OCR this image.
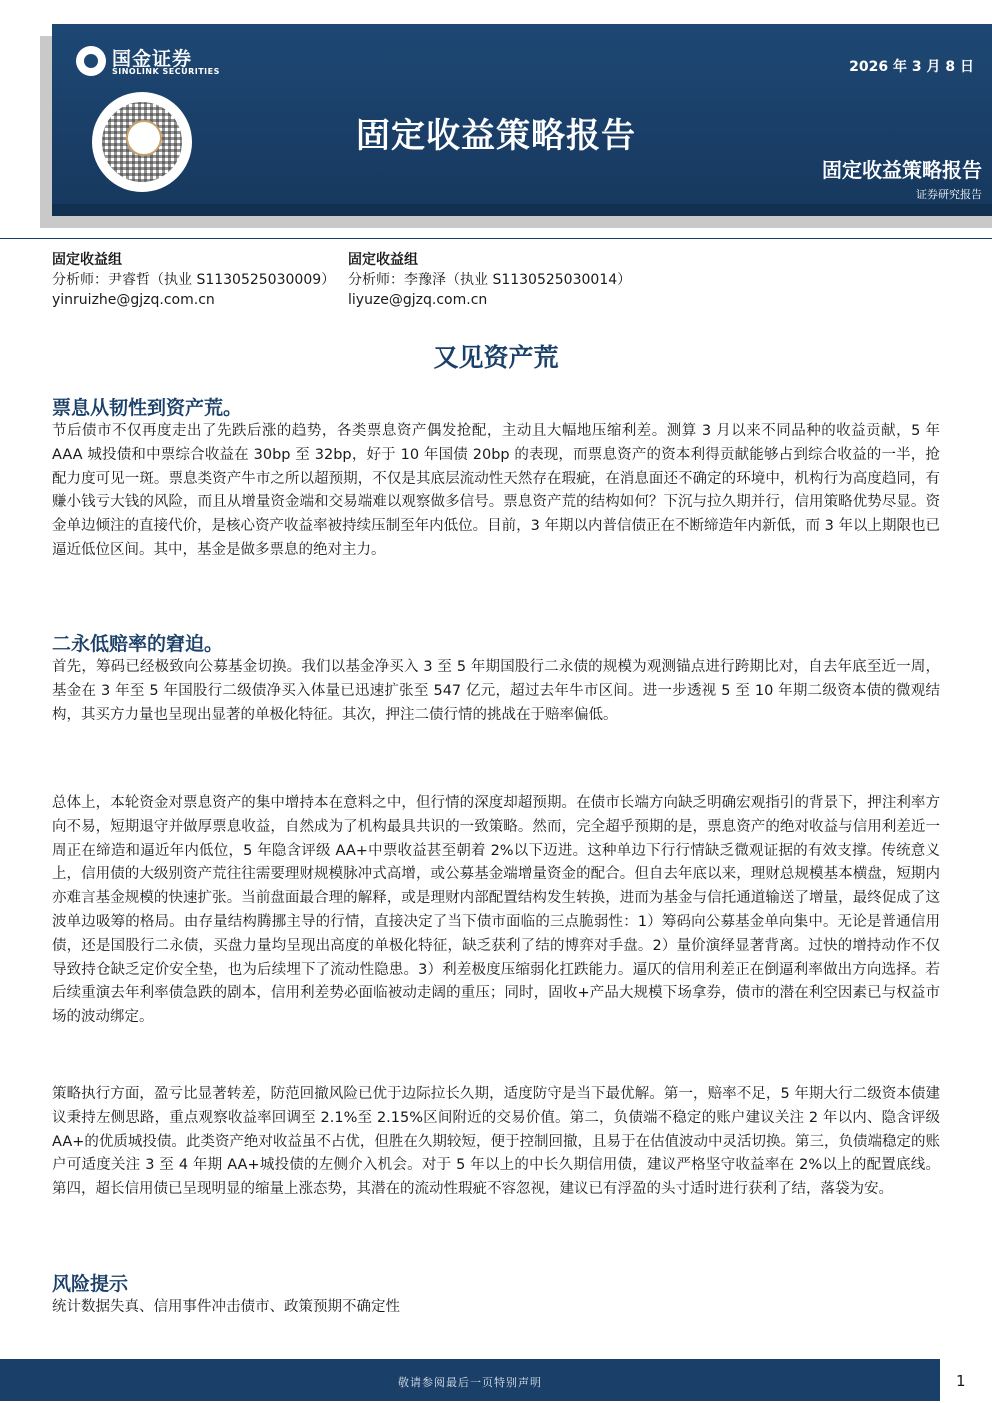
国金证券
SINOLINK SECURITIES	2026 年 3 月 8 日
固定收益策略报告
固定收益策略报告
证券研究报告
固定收益组
分析师：尹睿哲（执业 S1130525030009）
yinruizhe@gjzq.com.cn
固定收益组
分析师：李豫泽（执业 S1130525030014）
liyuze@gjzq.com.cn
又见资产荒
票息从韧性到资产荒。

节后债市不仅再度走出了先跌后涨的趋势，各类票息资产偶发抢配，主动且大幅地压缩利差。测算 3 月以来不同品种的收益贡献，5 年 AAA 城投债和中票综合收益在 30bp 至 32bp，好于 10 年国债 20bp 的表现，而票息资产的资本利得贡献能够占到综合收益的一半，抢配力度可见一斑。票息类资产牛市之所以超预期，不仅是其底层流动性天然存在瑕疵，在消息面还不确定的环境中，机构行为高度趋同，有赚小钱亏大钱的风险，而且从增量资金端和交易端难以观察做多信号。票息资产荒的结构如何？下沉与拉久期并行，信用策略优势尽显。资金单边倾注的直接代价，是核心资产收益率被持续压制至年内低位。目前，3 年期以内普信债正在不断缔造年内新低，而 3 年以上期限也已逼近低位区间。其中，基金是做多票息的绝对主力。

二永低赔率的窘迫。

首先，筹码已经极致向公募基金切换。我们以基金净买入 3 至 5 年期国股行二永债的规模为观测锚点进行跨期比对，自去年底至近一周，基金在 3 年至 5 年国股行二级债净买入体量已迅速扩张至 547 亿元，超过去年牛市区间。进一步透视 5 至 10 年期二级资本债的微观结构，其买方力量也呈现出显著的单极化特征。其次，押注二债行情的挑战在于赔率偏低。

总体上，本轮资金对票息资产的集中增持本在意料之中，但行情的深度却超预期。在债市长端方向缺乏明确宏观指引的背景下，押注利率方向不易，短期退守并做厚票息收益，自然成为了机构最具共识的一致策略。然而，完全超乎预期的是，票息资产的绝对收益与信用利差近一周正在缔造和逼近年内低位，5 年隐含评级 AA+中票收益甚至朝着 2%以下迈进。这种单边下行行情缺乏微观证据的有效支撑。传统意义上，信用债的大级别资产荒往往需要理财规模脉冲式高增，或公募基金端增量资金的配合。但自去年底以来，理财总规模基本横盘，短期内亦难言基金规模的快速扩张。当前盘面最合理的解释，或是理财内部配置结构发生转换，进而为基金与信托通道输送了增量，最终促成了这波单边吸筹的格局。由存量结构腾挪主导的行情，直接决定了当下债市面临的三点脆弱性：1）筹码向公募基金单向集中。无论是普通信用债，还是国股行二永债，买盘力量均呈现出高度的单极化特征，缺乏获利了结的博弈对手盘。2）量价演绎显著背离。过快的增持动作不仅导致持仓缺乏定价安全垫，也为后续埋下了流动性隐患。3）利差极度压缩弱化扛跌能力。逼仄的信用利差正在倒逼利率做出方向选择。若后续重演去年利率债急跌的剧本，信用利差势必面临被动走阔的重压；同时，固收+产品大规模下场拿券，债市的潜在利空因素已与权益市场的波动绑定。

策略执行方面，盈亏比显著转差，防范回撤风险已优于边际拉长久期，适度防守是当下最优解。第一，赔率不足，5 年期大行二级资本债建议秉持左侧思路，重点观察收益率回调至 2.1%至 2.15%区间附近的交易价值。第二，负债端不稳定的账户建议关注 2 年以内、隐含评级 AA+的优质城投债。此类资产绝对收益虽不占优，但胜在久期较短，便于控制回撤，且易于在估值波动中灵活切换。第三，负债端稳定的账户可适度关注 3 至 4 年期 AA+城投债的左侧介入机会。对于 5 年以上的中长久期信用债，建议严格坚守收益率在 2%以上的配置底线。第四，超长信用债已呈现明显的缩量上涨态势，其潜在的流动性瑕疵不容忽视，建议已有浮盈的头寸适时进行获利了结，落袋为安。

风险提示

统计数据失真、信用事件冲击债市、政策预期不确定性

敬请参阅最后一页特别声明	1
